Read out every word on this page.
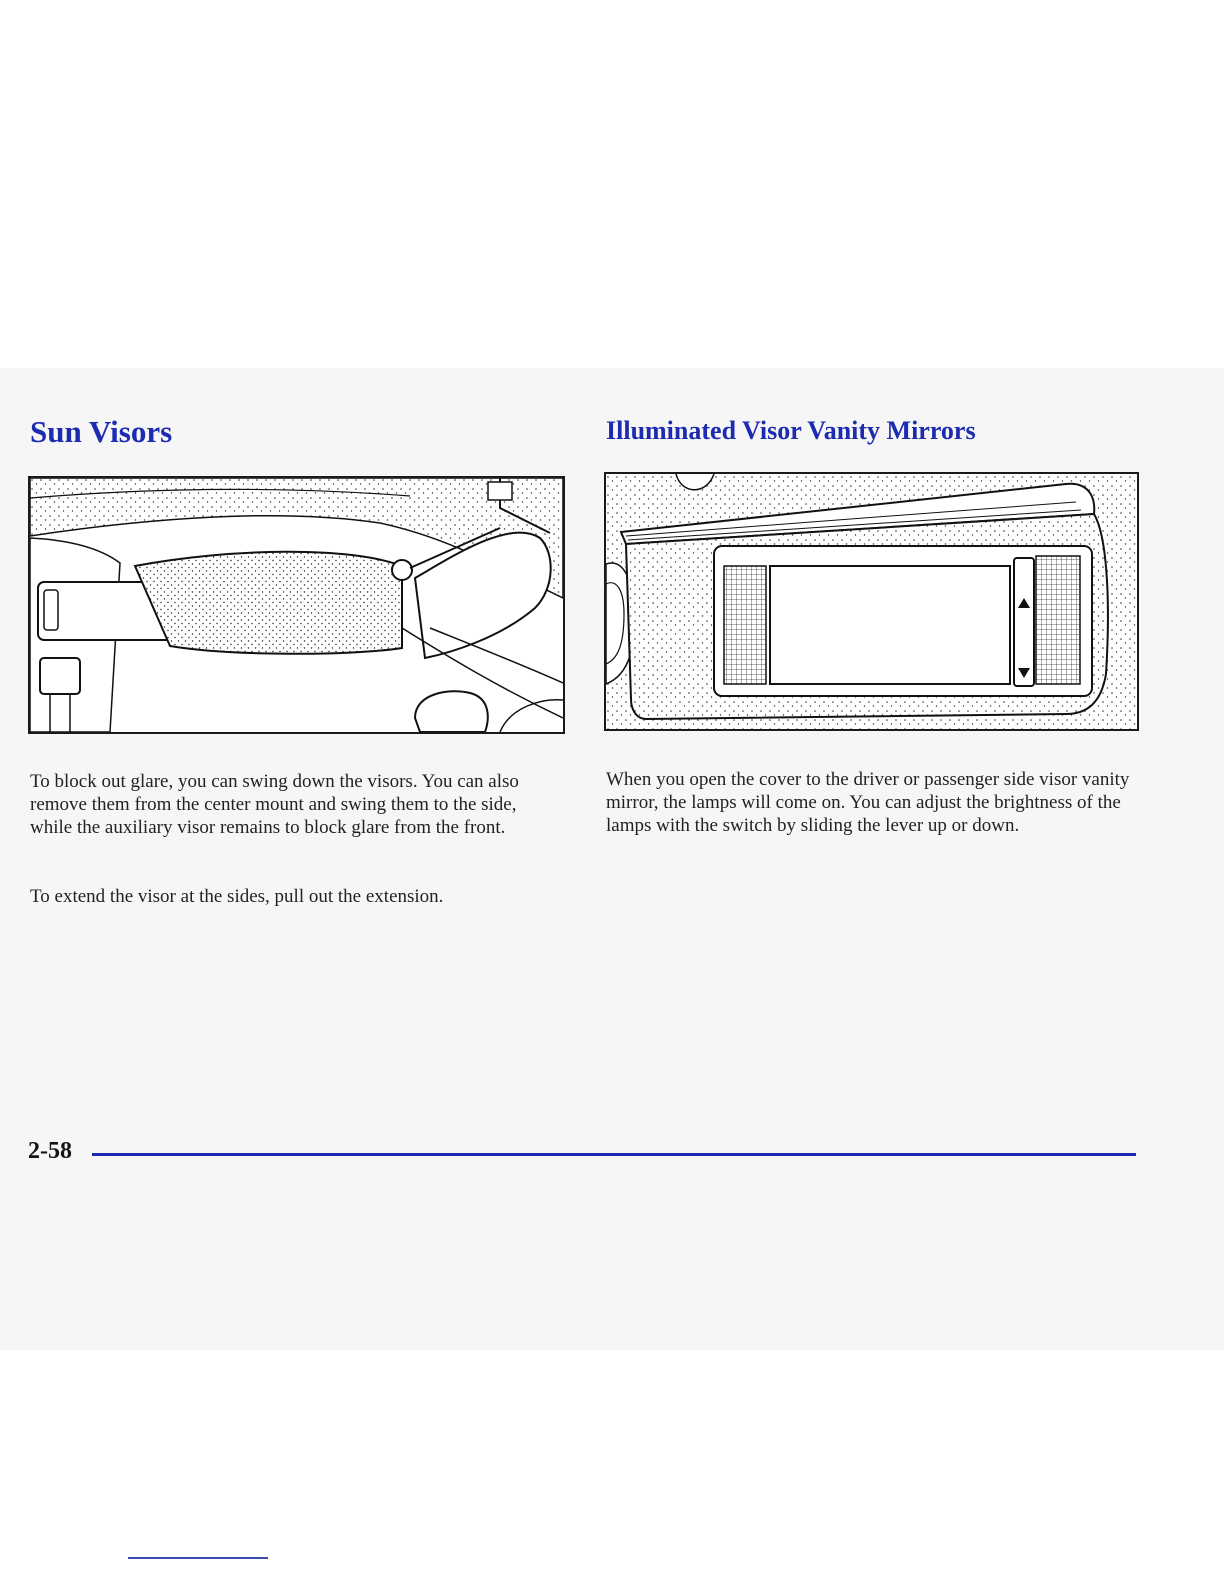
Sun Visors	Illuminated Visor Vanity Mirrors

To block out glare, you can swing down the visors. You can also remove them from the center mount and swing them to the side, while the auxiliary visor remains to block glare from the front.

To extend the visor at the sides, pull out the extension.

When you open the cover to the driver or passenger side visor vanity mirror, the lamps will come on. You can adjust the brightness of the lamps with the switch by sliding the lever up or down.

2-58
